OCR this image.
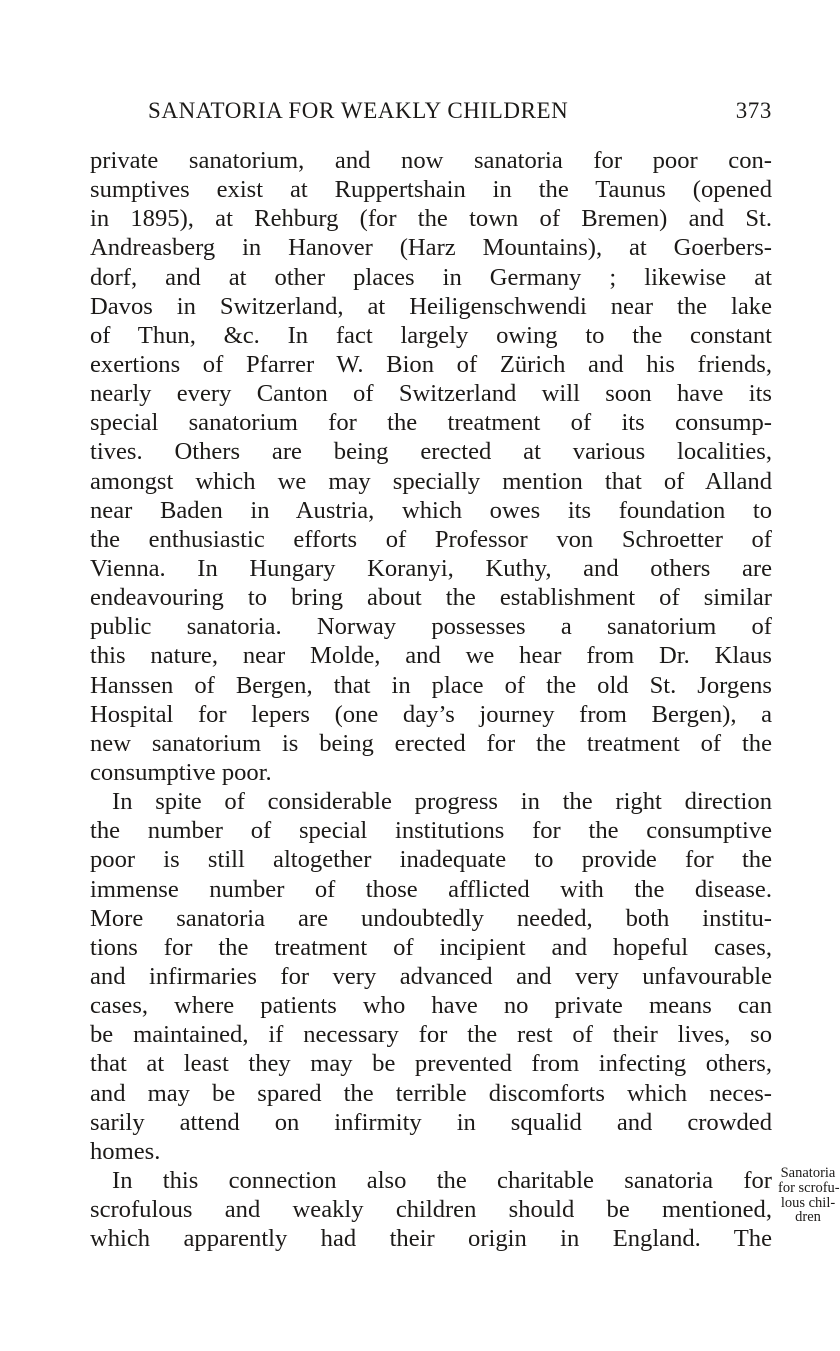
SANATORIA FOR WEAKLY CHILDREN	373
private sanatorium, and now sanatoria for poor con-
sumptives exist at Ruppertshain in the Taunus (opened
in 1895), at Rehburg (for the town of Bremen) and St.
Andreasberg in Hanover (Harz Mountains), at Goerbers-
dorf, and at other places in Germany ; likewise at
Davos in Switzerland, at Heiligenschwendi near the lake
of Thun, &c. In fact largely owing to the constant
exertions of Pfarrer W. Bion of Zürich and his friends,
nearly every Canton of Switzerland will soon have its
special sanatorium for the treatment of its consump-
tives. Others are being erected at various localities,
amongst which we may specially mention that of Alland
near Baden in Austria, which owes its foundation to
the enthusiastic efforts of Professor von Schroetter of
Vienna. In Hungary Koranyi, Kuthy, and others are
endeavouring to bring about the establishment of similar
public sanatoria. Norway possesses a sanatorium of
this nature, near Molde, and we hear from Dr. Klaus
Hanssen of Bergen, that in place of the old St. Jorgens
Hospital for lepers (one day’s journey from Bergen), a
new sanatorium is being erected for the treatment of the
consumptive poor.
In spite of considerable progress in the right direction
the number of special institutions for the consumptive
poor is still altogether inadequate to provide for the
immense number of those afflicted with the disease.
More sanatoria are undoubtedly needed, both institu-
tions for the treatment of incipient and hopeful cases,
and infirmaries for very advanced and very unfavourable
cases, where patients who have no private means can
be maintained, if necessary for the rest of their lives, so
that at least they may be prevented from infecting others,
and may be spared the terrible discomforts which neces-
sarily attend on infirmity in squalid and crowded
homes.
In this connection also the charitable sanatoria for
scrofulous and weakly children should be mentioned,
which apparently had their origin in England. The
Sanatoria
for scrofu-
lous chil-
dren
